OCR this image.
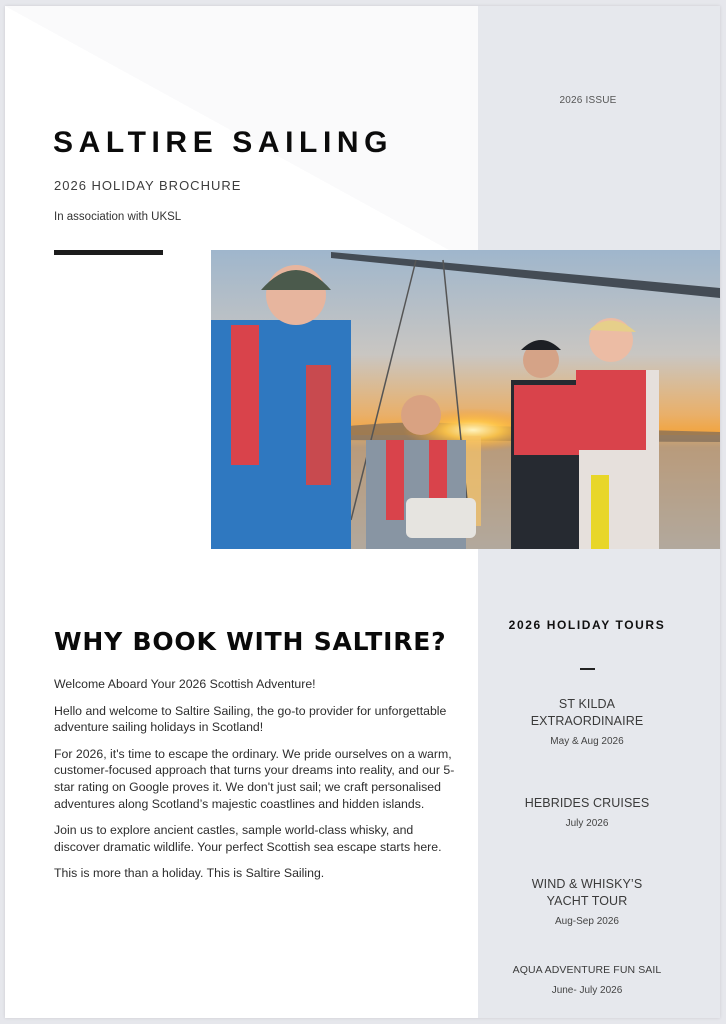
2026 ISSUE
SALTIRE SAILING
2026 HOLIDAY BROCHURE
In association with UKSL
WHY BOOK WITH SALTIRE?

Welcome Aboard Your 2026 Scottish Adventure!

Hello and welcome to Saltire Sailing, the go-to provider for unforgettable adventure sailing holidays in Scotland!

For 2026, it's time to escape the ordinary. We pride ourselves on a warm, customer-focused approach that turns your dreams into reality, and our 5-star rating on Google proves it. We don't just sail; we craft personalised adventures along Scotland’s majestic coastlines and hidden islands.

Join us to explore ancient castles, sample world-class whisky, and discover dramatic wildlife. Your perfect Scottish sea escape starts here.

This is more than a holiday. This is Saltire Sailing.

2026 HOLIDAY TOURS
ST KILDA EXTRAORDINAIRE
May & Aug 2026
HEBRIDES CRUISES
July 2026
WIND & WHISKY’S YACHT TOUR
Aug-Sep 2026
AQUA ADVENTURE FUN SAIL
June- July 2026
